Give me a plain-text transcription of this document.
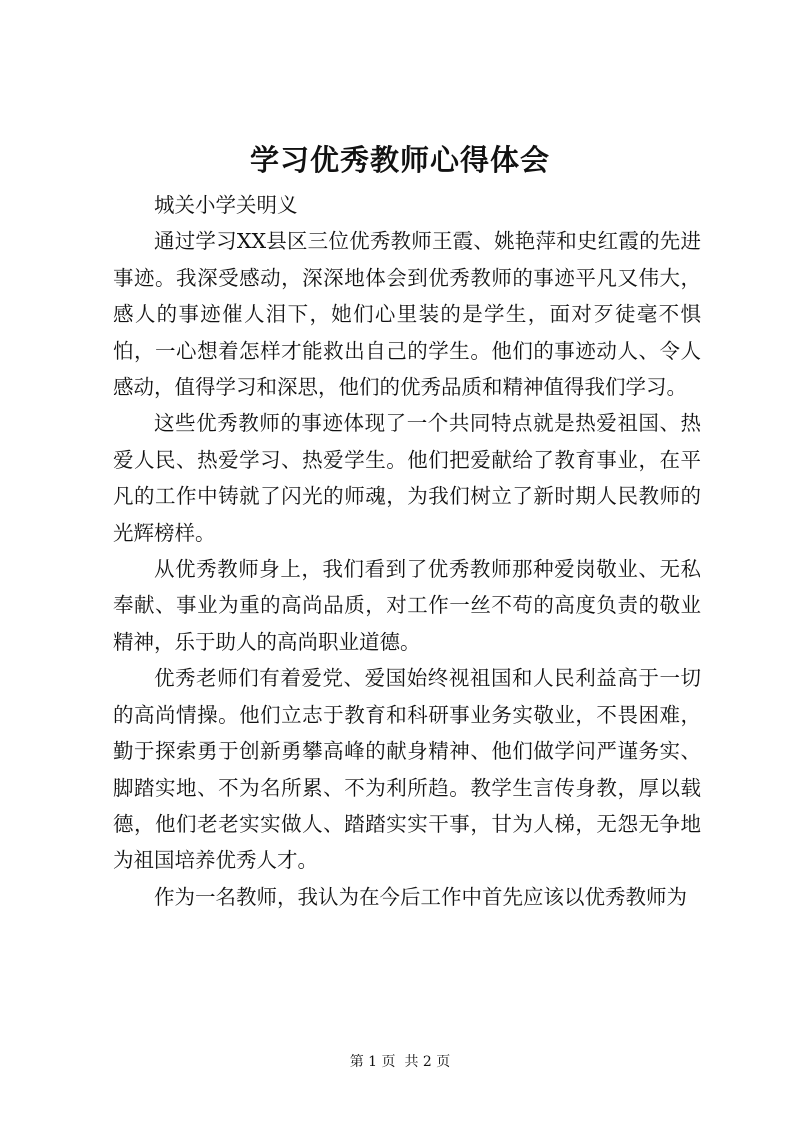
学习优秀教师心得体会

城关小学关明义

通过学习XX县区三位优秀教师王霞、姚艳萍和史红霞的先进事迹。我深受感动，深深地体会到优秀教师的事迹平凡又伟大，感人的事迹催人泪下，她们心里装的是学生，面对歹徒毫不惧怕，一心想着怎样才能救出自己的学生。他们的事迹动人、令人感动，值得学习和深思，他们的优秀品质和精神值得我们学习。

这些优秀教师的事迹体现了一个共同特点就是热爱祖国、热爱人民、热爱学习、热爱学生。他们把爱献给了教育事业，在平凡的工作中铸就了闪光的师魂，为我们树立了新时期人民教师的光辉榜样。

从优秀教师身上，我们看到了优秀教师那种爱岗敬业、无私奉献、事业为重的高尚品质，对工作一丝不苟的高度负责的敬业精神，乐于助人的高尚职业道德。

优秀老师们有着爱党、爱国始终视祖国和人民利益高于一切的高尚情操。他们立志于教育和科研事业务实敬业，不畏困难，勤于探索勇于创新勇攀高峰的献身精神、他们做学问严谨务实、脚踏实地、不为名所累、不为利所趋。教学生言传身教，厚以载德，他们老老实实做人、踏踏实实干事，甘为人梯，无怨无争地为祖国培养优秀人才。

作为一名教师，我认为在今后工作中首先应该以优秀教师为

第 1 页  共 2 页
